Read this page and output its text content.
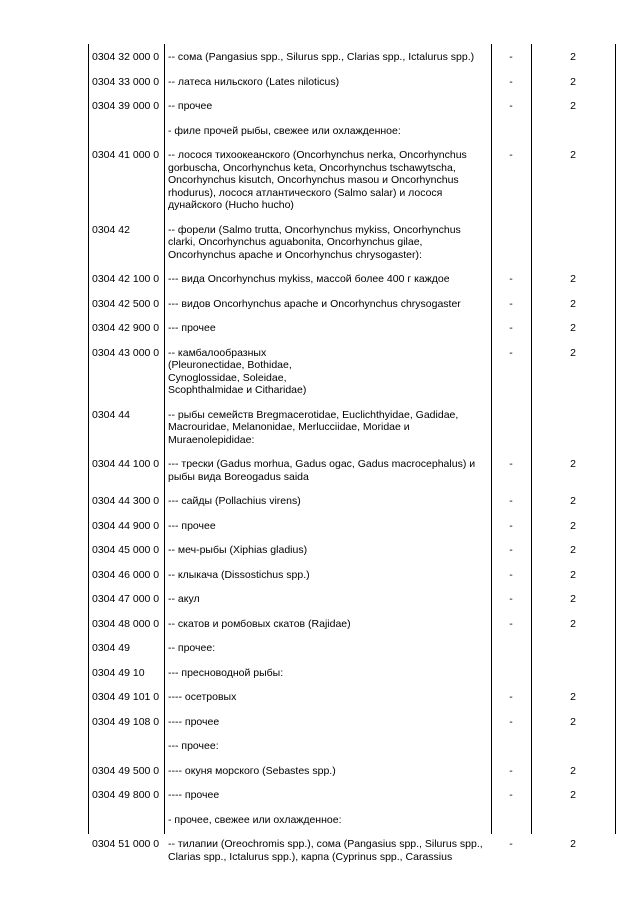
0304 32 000 0	-- сома (Pangasius spp., Silurus spp., Clarias spp., Ictalurus spp.)	-	2
0304 33 000 0	-- латеса нильского (Lates niloticus)	-	2
0304 39 000 0	-- прочее	-	2
	- филе прочей рыбы, свежее или охлажденное:		
0304 41 000 0	-- лосося тихоокеанского (Oncorhynchus nerka, Oncorhynchus gorbuscha, Oncorhynchus keta, Oncorhynchus tschawytscha, Oncorhynchus kisutch, Oncorhynchus masou и Oncorhynchus rhodurus), лосося атлантического (Salmo salar) и лосося дунайского (Hucho hucho)	-	2
0304 42	-- форели (Salmo trutta, Oncorhynchus mykiss, Oncorhynchus clarki, Oncorhynchus aguabonita, Oncorhynchus gilae, Oncorhynchus apache и Oncorhynchus chrysogaster):		
0304 42 100 0	--- вида Oncorhynchus mykiss, массой более 400 г каждое	-	2
0304 42 500 0	--- видов Oncorhynchus apache и Oncorhynchus chrysogaster	-	2
0304 42 900 0	--- прочее	-	2
0304 43 000 0	-- камбалообразных
(Pleuronectidae, Bothidae,
Cynoglossidae, Soleidae,
Scophthalmidae и Citharidae)	-	2
0304 44	-- рыбы семейств Bregmacerotidae, Euclichthyidae, Gadidae, Macrouridae, Melanonidae, Merlucciidae, Moridae и Muraenolepididae:		
0304 44 100 0	--- трески (Gadus morhua, Gadus ogac, Gadus macrocephalus) и рыбы вида Boreogadus saida	-	2
0304 44 300 0	--- сайды (Pollachius virens)	-	2
0304 44 900 0	--- прочее	-	2
0304 45 000 0	-- меч-рыбы (Xiphias gladius)	-	2
0304 46 000 0	-- клыкача (Dissostichus spp.)	-	2
0304 47 000 0	-- акул	-	2
0304 48 000 0	-- скатов и ромбовых скатов (Rajidae)	-	2
0304 49	-- прочее:		
0304 49 10	--- пресноводной рыбы:		
0304 49 101 0	---- осетровых	-	2
0304 49 108 0	---- прочее	-	2
	--- прочее:		
0304 49 500 0	---- окуня морского (Sebastes spp.)	-	2
0304 49 800 0	---- прочее	-	2
	- прочее, свежее или охлажденное:		
0304 51 000 0	-- тилапии (Oreochromis spp.), сома (Pangasius spp., Silurus spp., Clarias spp., Ictalurus spp.), карпа (Cyprinus spp., Carassius	-	2
